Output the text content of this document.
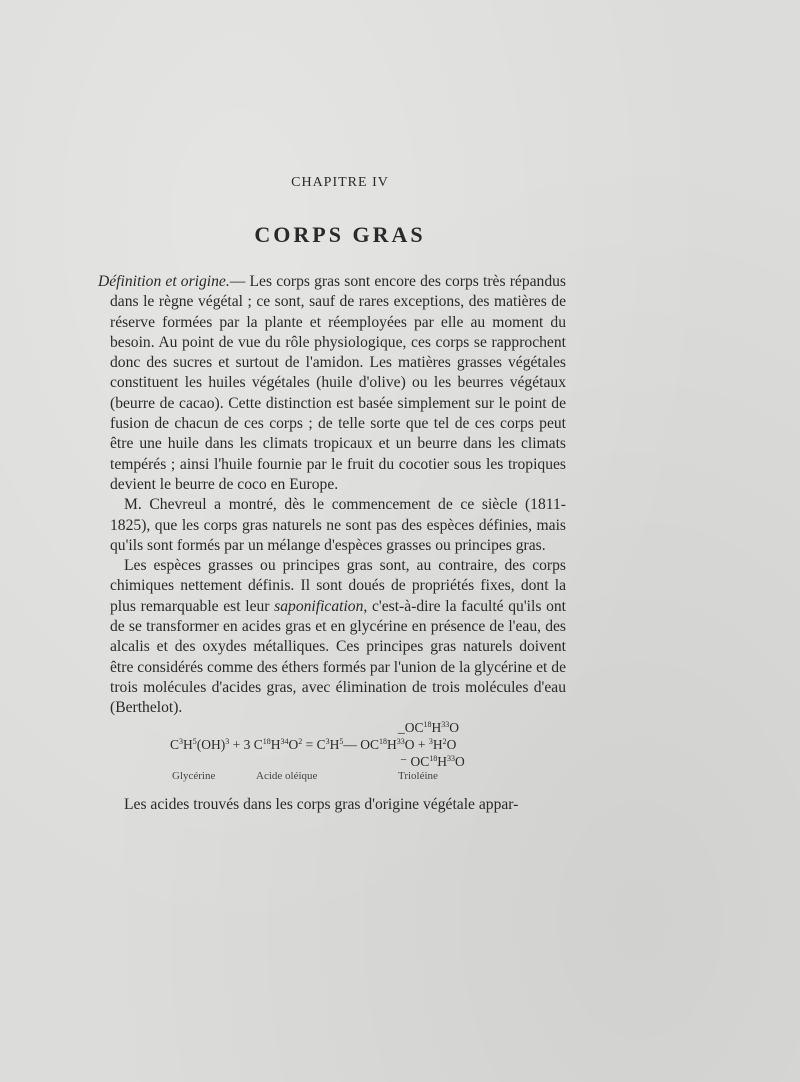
CHAPITRE IV
CORPS GRAS

Définition et origine.— Les corps gras sont encore des corps très répandus dans le règne végétal ; ce sont, sauf de rares exceptions, des matières de réserve formées par la plante et réemployées par elle au moment du besoin. Au point de vue du rôle physiologique, ces corps se rapprochent donc des sucres et surtout de l'amidon. Les matières grasses végétales constituent les huiles végétales (huile d'olive) ou les beurres végétaux (beurre de cacao). Cette distinction est basée simplement sur le point de fusion de chacun de ces corps ; de telle sorte que tel de ces corps peut être une huile dans les climats tropicaux et un beurre dans les climats tempérés ; ainsi l'huile fournie par le fruit du cocotier sous les tropiques devient le beurre de coco en Europe.

M. Chevreul a montré, dès le commencement de ce siècle (1811-1825), que les corps gras naturels ne sont pas des espèces définies, mais qu'ils sont formés par un mélange d'espèces grasses ou principes gras.

Les espèces grasses ou principes gras sont, au contraire, des corps chimiques nettement définis. Il sont doués de propriétés fixes, dont la plus remarquable est leur saponification, c'est-à-dire la faculté qu'ils ont de se transformer en acides gras et en glycérine en présence de l'eau, des alcalis et des oxydes métalliques. Ces principes gras naturels doivent être considérés comme des éthers formés par l'union de la glycérine et de trois molécules d'acides gras, avec élimination de trois molécules d'eau (Berthelot).

$\_OC^{18}H^{33}O$
$C^3H^5(OH)^3 + 3$ $C^{18}H^{34}O^2$ = $C^3H^5—$ $OC^{18}H^{33}O + ^3H^2O$
⁻ $OC^{18}H^{33}O$
Glycérine	Acide oléique	Trioléine
Les acides trouvés dans les corps gras d'origine végétale appar-
